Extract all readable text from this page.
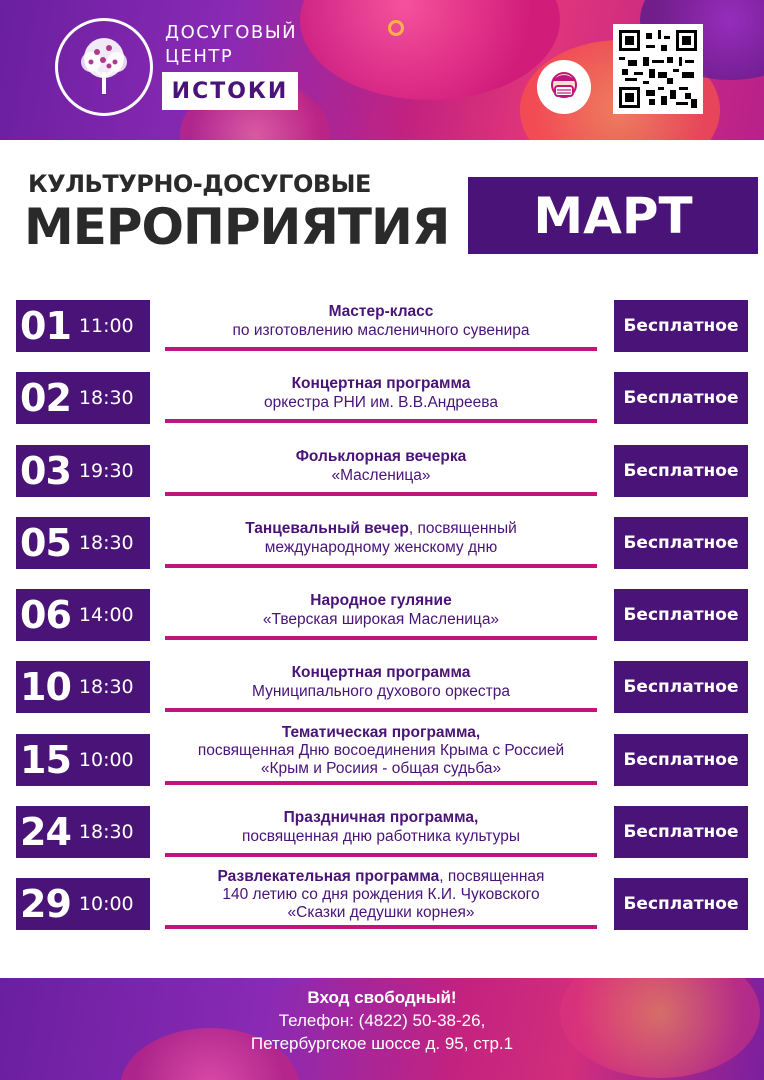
ДОСУГОВЫЙ
ЦЕНТР
ИСТОКИ
КУЛЬТУРНО-ДОСУГОВЫЕ
МЕРОПРИЯТИЯ	МАРТ
01 11:00
Мастер-класс
по изготовлению масленичного сувенира	Бесплатное
02 18:30
Концертная программа
оркестра РНИ им. В.В.Андреева	Бесплатное
03 19:30
Фольклорная вечерка
«Масленица»	Бесплатное
05 18:30
Танцевальный вечер, посвященный
международному женскому дню	Бесплатное
06 14:00
Народное гуляние
«Тверская широкая Масленица»	Бесплатное
10 18:30
Концертная программа
Муниципального духового оркестра	Бесплатное
15 10:00
Тематическая программа,
посвященная Дню восоединения Крыма с Россией
«Крым и Росиия - общая судьба»	Бесплатное
24 18:30
Праздничная программа,
посвященная дню работника культуры	Бесплатное
29 10:00
Развлекательная программа, посвященная
140 летию со дня рождения К.И. Чуковского
«Сказки дедушки корнея»	Бесплатное
Вход свободный!
Телефон: (4822) 50-38-26,
Петербургское шоссе д. 95, стр.1
